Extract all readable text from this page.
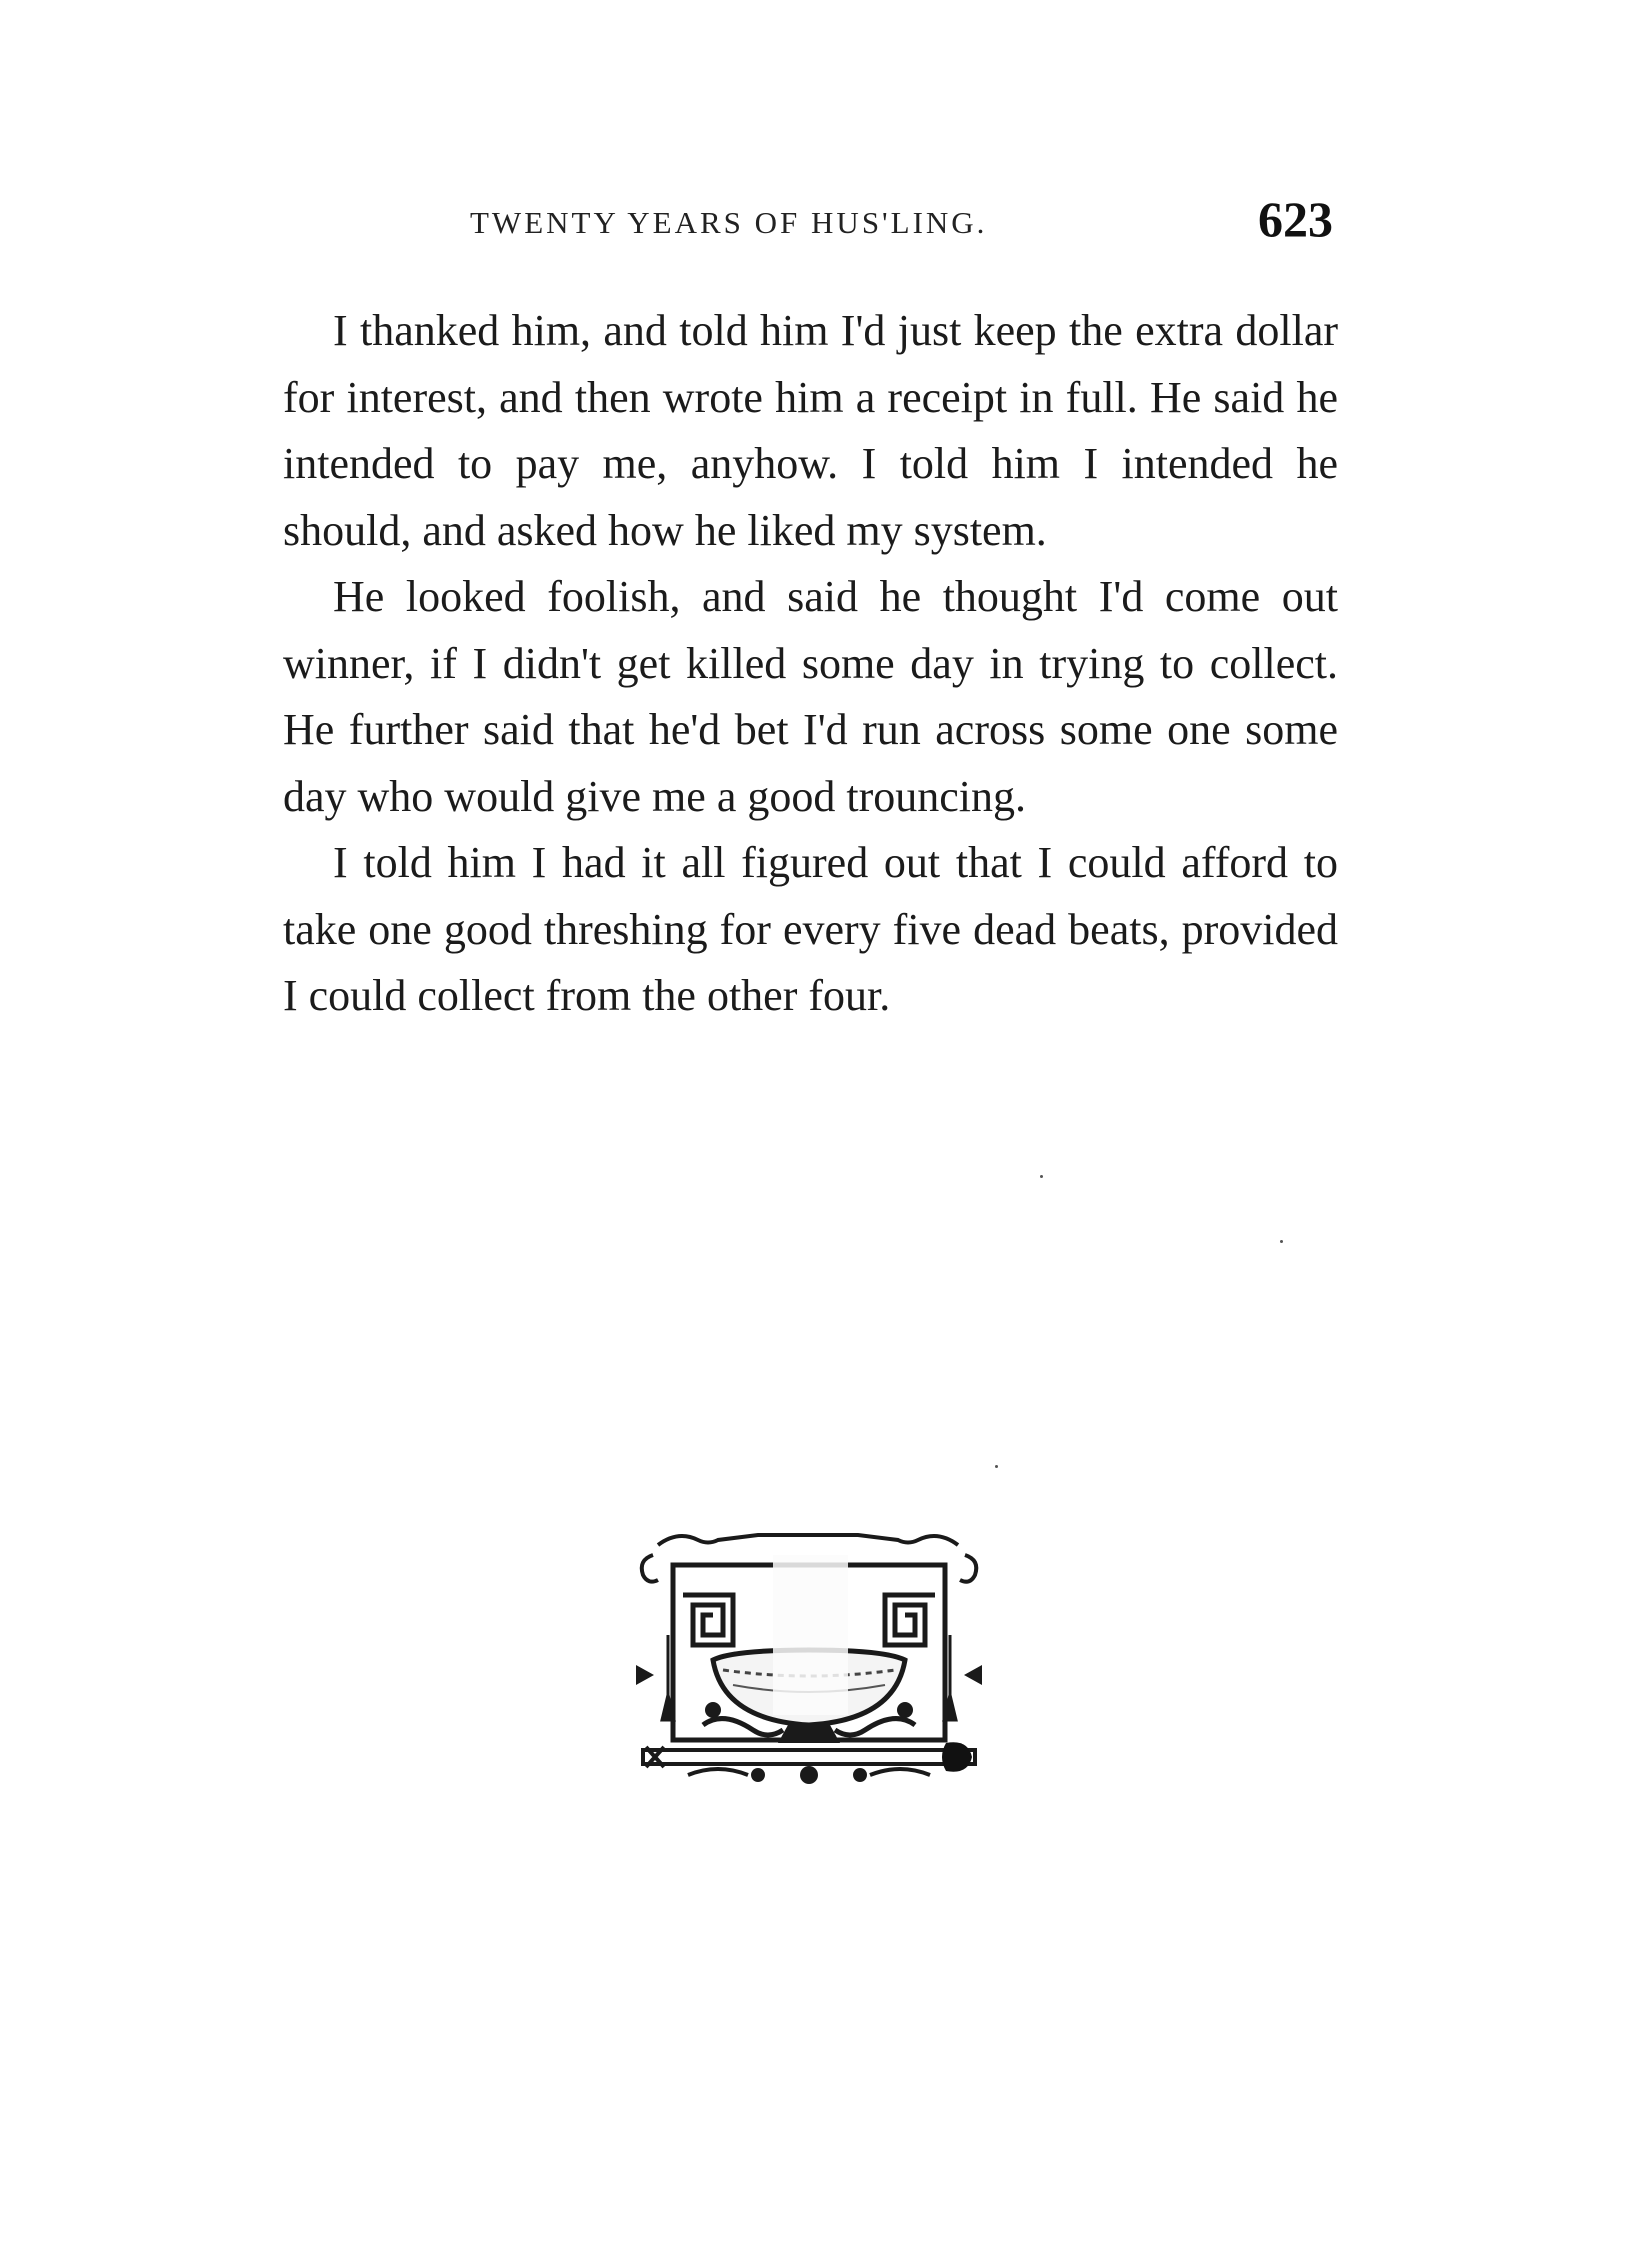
TWENTY YEARS OF HUS'LING.	623

I thanked him, and told him I'd just keep the extra dollar for interest, and then wrote him a receipt in full. He said he intended to pay me, anyhow. I told him I intended he should, and asked how he liked my system.

He looked foolish, and said he thought I'd come out winner, if I didn't get killed some day in trying to collect. He further said that he'd bet I'd run across some one some day who would give me a good trouncing.

I told him I had it all figured out that I could afford to take one good threshing for every five dead beats, provided I could collect from the other four.
